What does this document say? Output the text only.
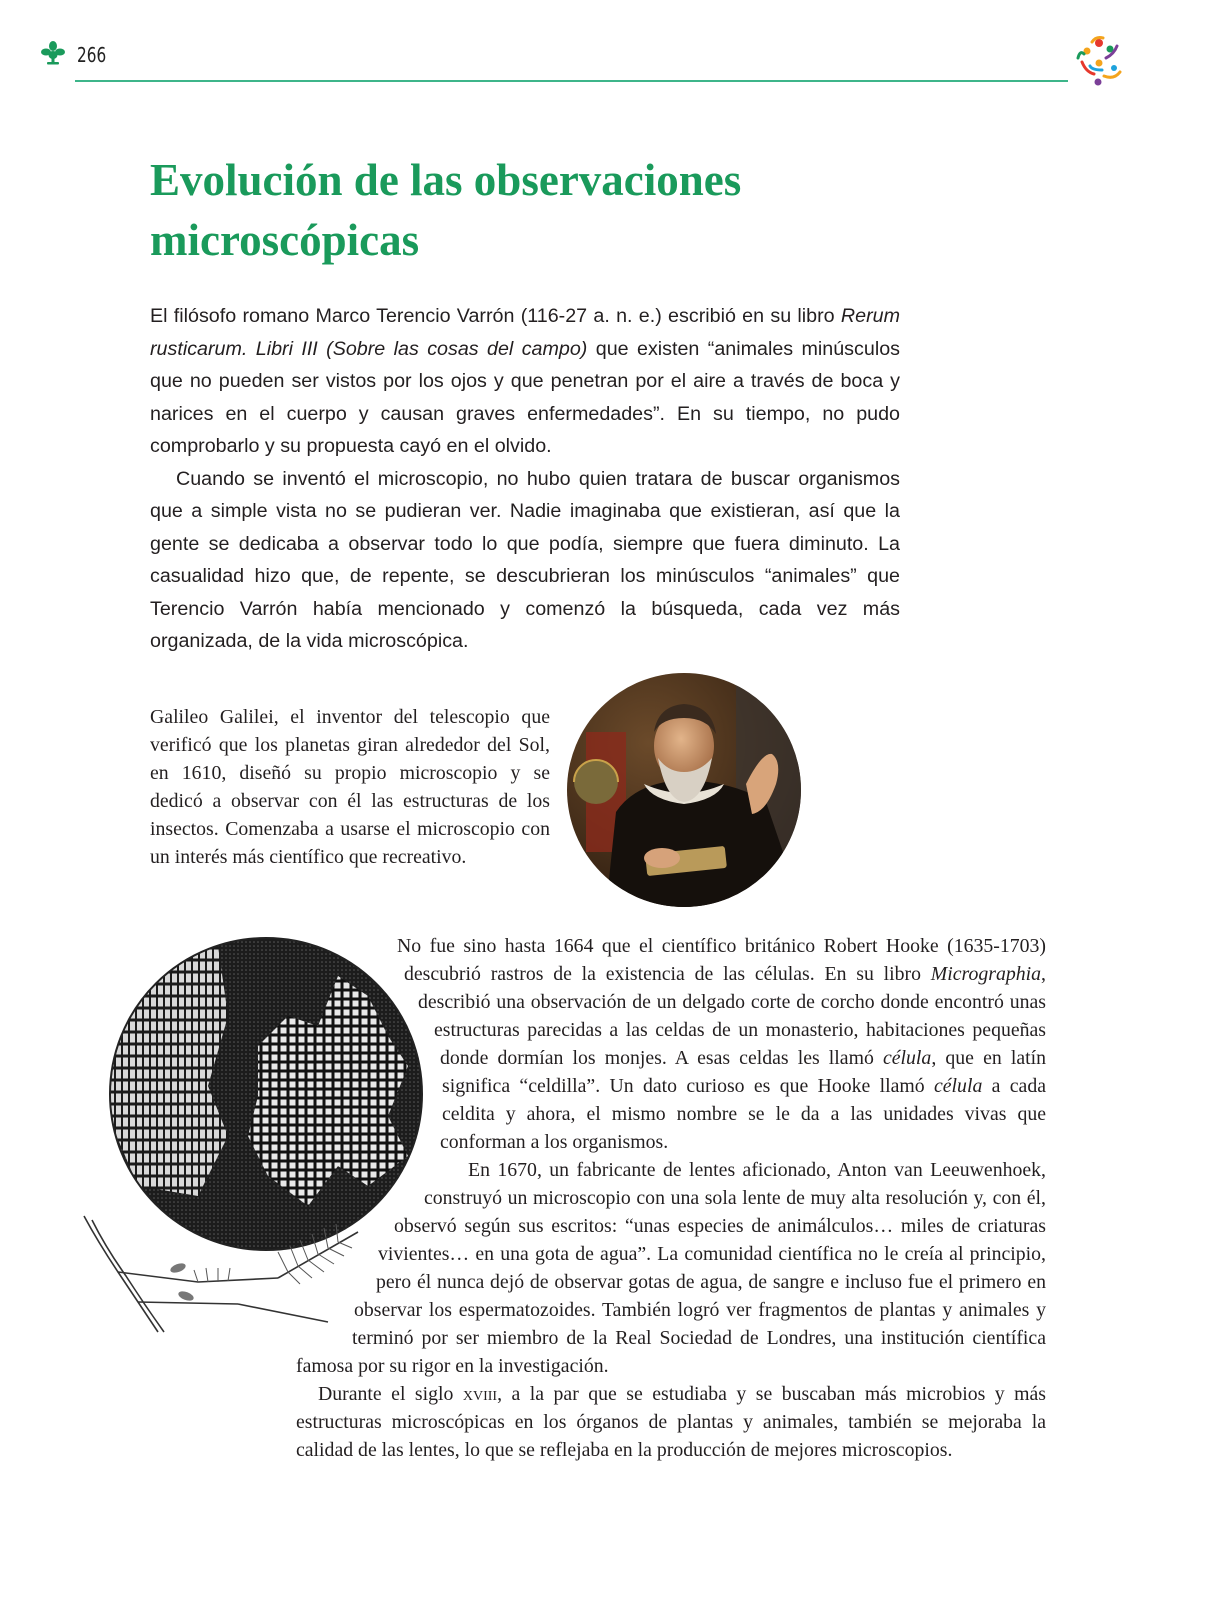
266
Evolución de las observaciones microscópicas

El filósofo romano Marco Terencio Varrón (116-27 a. n. e.) escribió en su libro Rerum rusticarum. Libri III (Sobre las cosas del campo) que existen “animales minúsculos que no pueden ser vistos por los ojos y que penetran por el aire a través de boca y narices en el cuerpo y causan graves enfermedades”. En su tiempo, no pudo comprobarlo y su propuesta cayó en el olvido.

Cuando se inventó el microscopio, no hubo quien tratara de buscar organismos que a simple vista no se pudieran ver. Nadie imaginaba que existieran, así que la gente se dedicaba a observar todo lo que podía, siempre que fuera diminuto. La casualidad hizo que, de repente, se descubrieran los minúsculos “animales” que Terencio Varrón había mencionado y comenzó la búsqueda, cada vez más organizada, de la vida microscópica.

Galileo Galilei, el inventor del telescopio que verificó que los planetas giran alrededor del Sol, en 1610, diseñó su propio microscopio y se dedicó a observar con él las estructuras de los insectos. Comenzaba a usarse el microscopio con un interés más científico que recreativo.

No fue sino hasta 1664 que el científico británico Robert Hooke (1635-1703) descubrió rastros de la existencia de las células. En su libro Micrographia, describió una observación de un delgado corte de corcho donde encontró unas estructuras parecidas a las celdas de un monasterio, habitaciones pequeñas donde dormían los monjes. A esas celdas les llamó célula, que en latín significa “celdilla”. Un dato curioso es que Hooke llamó célula a cada celdita y ahora, el mismo nombre se le da a las unidades vivas que conforman a los organismos.

En 1670, un fabricante de lentes aficionado, Anton van Leeuwenhoek, construyó un microscopio con una sola lente de muy alta resolución y, con él, observó según sus escritos: “unas especies de animálculos… miles de criaturas vivientes… en una gota de agua”. La comunidad científica no le creía al principio, pero él nunca dejó de observar gotas de agua, de sangre e incluso fue el primero en observar los espermatozoides. También logró ver fragmentos de plantas y animales y terminó por ser miembro de la Real Sociedad de Londres, una institución científica famosa por su rigor en la investigación.

Durante el siglo xviii, a la par que se estudiaba y se buscaban más microbios y más estructuras microscópicas en los órganos de plantas y animales, también se mejoraba la calidad de las lentes, lo que se reflejaba en la producción de mejores microscopios.
